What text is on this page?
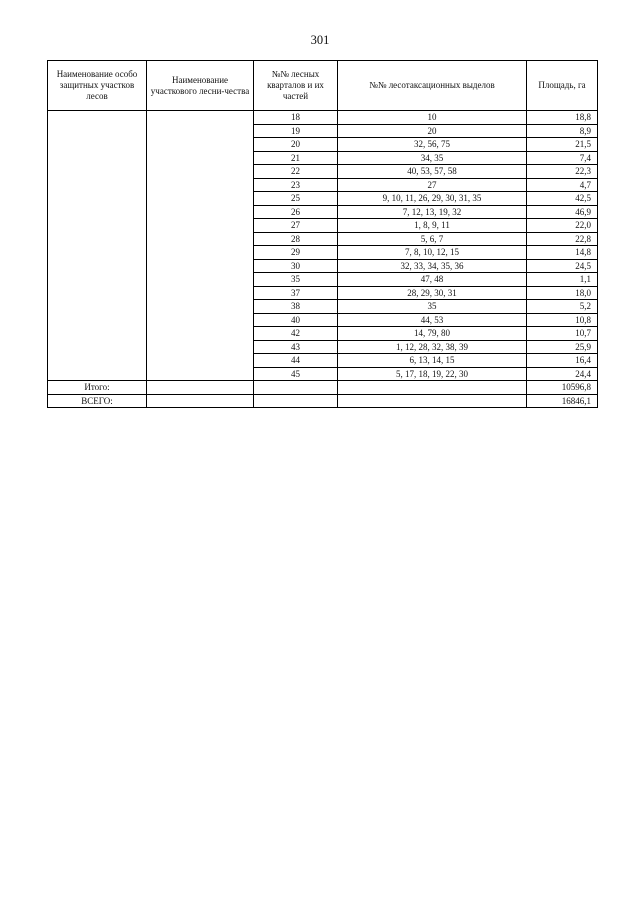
301
Наименование особо защитных участков лесов	Наименование участкового лесни-чества	№№ лесных кварталов и их частей	№№ лесотаксационных выделов	Площадь, га
		18	10	18,8
		19	20	8,9
		20	32, 56, 75	21,5
		21	34, 35	7,4
		22	40, 53, 57, 58	22,3
		23	27	4,7
		25	9, 10, 11, 26, 29, 30, 31, 35	42,5
		26	7, 12, 13, 19, 32	46,9
		27	1, 8, 9, 11	22,0
		28	5, 6, 7	22,8
		29	7, 8, 10, 12, 15	14,8
		30	32, 33, 34, 35, 36	24,5
		35	47, 48	1,1
		37	28, 29, 30, 31	18,0
		38	35	5,2
		40	44, 53	10,8
		42	14, 79, 80	10,7
		43	1, 12, 28, 32, 38, 39	25,9
		44	6, 13, 14, 15	16,4
		45	5, 17, 18, 19, 22, 30	24,4
Итого:				10596,8
ВСЕГО:				16846,1
